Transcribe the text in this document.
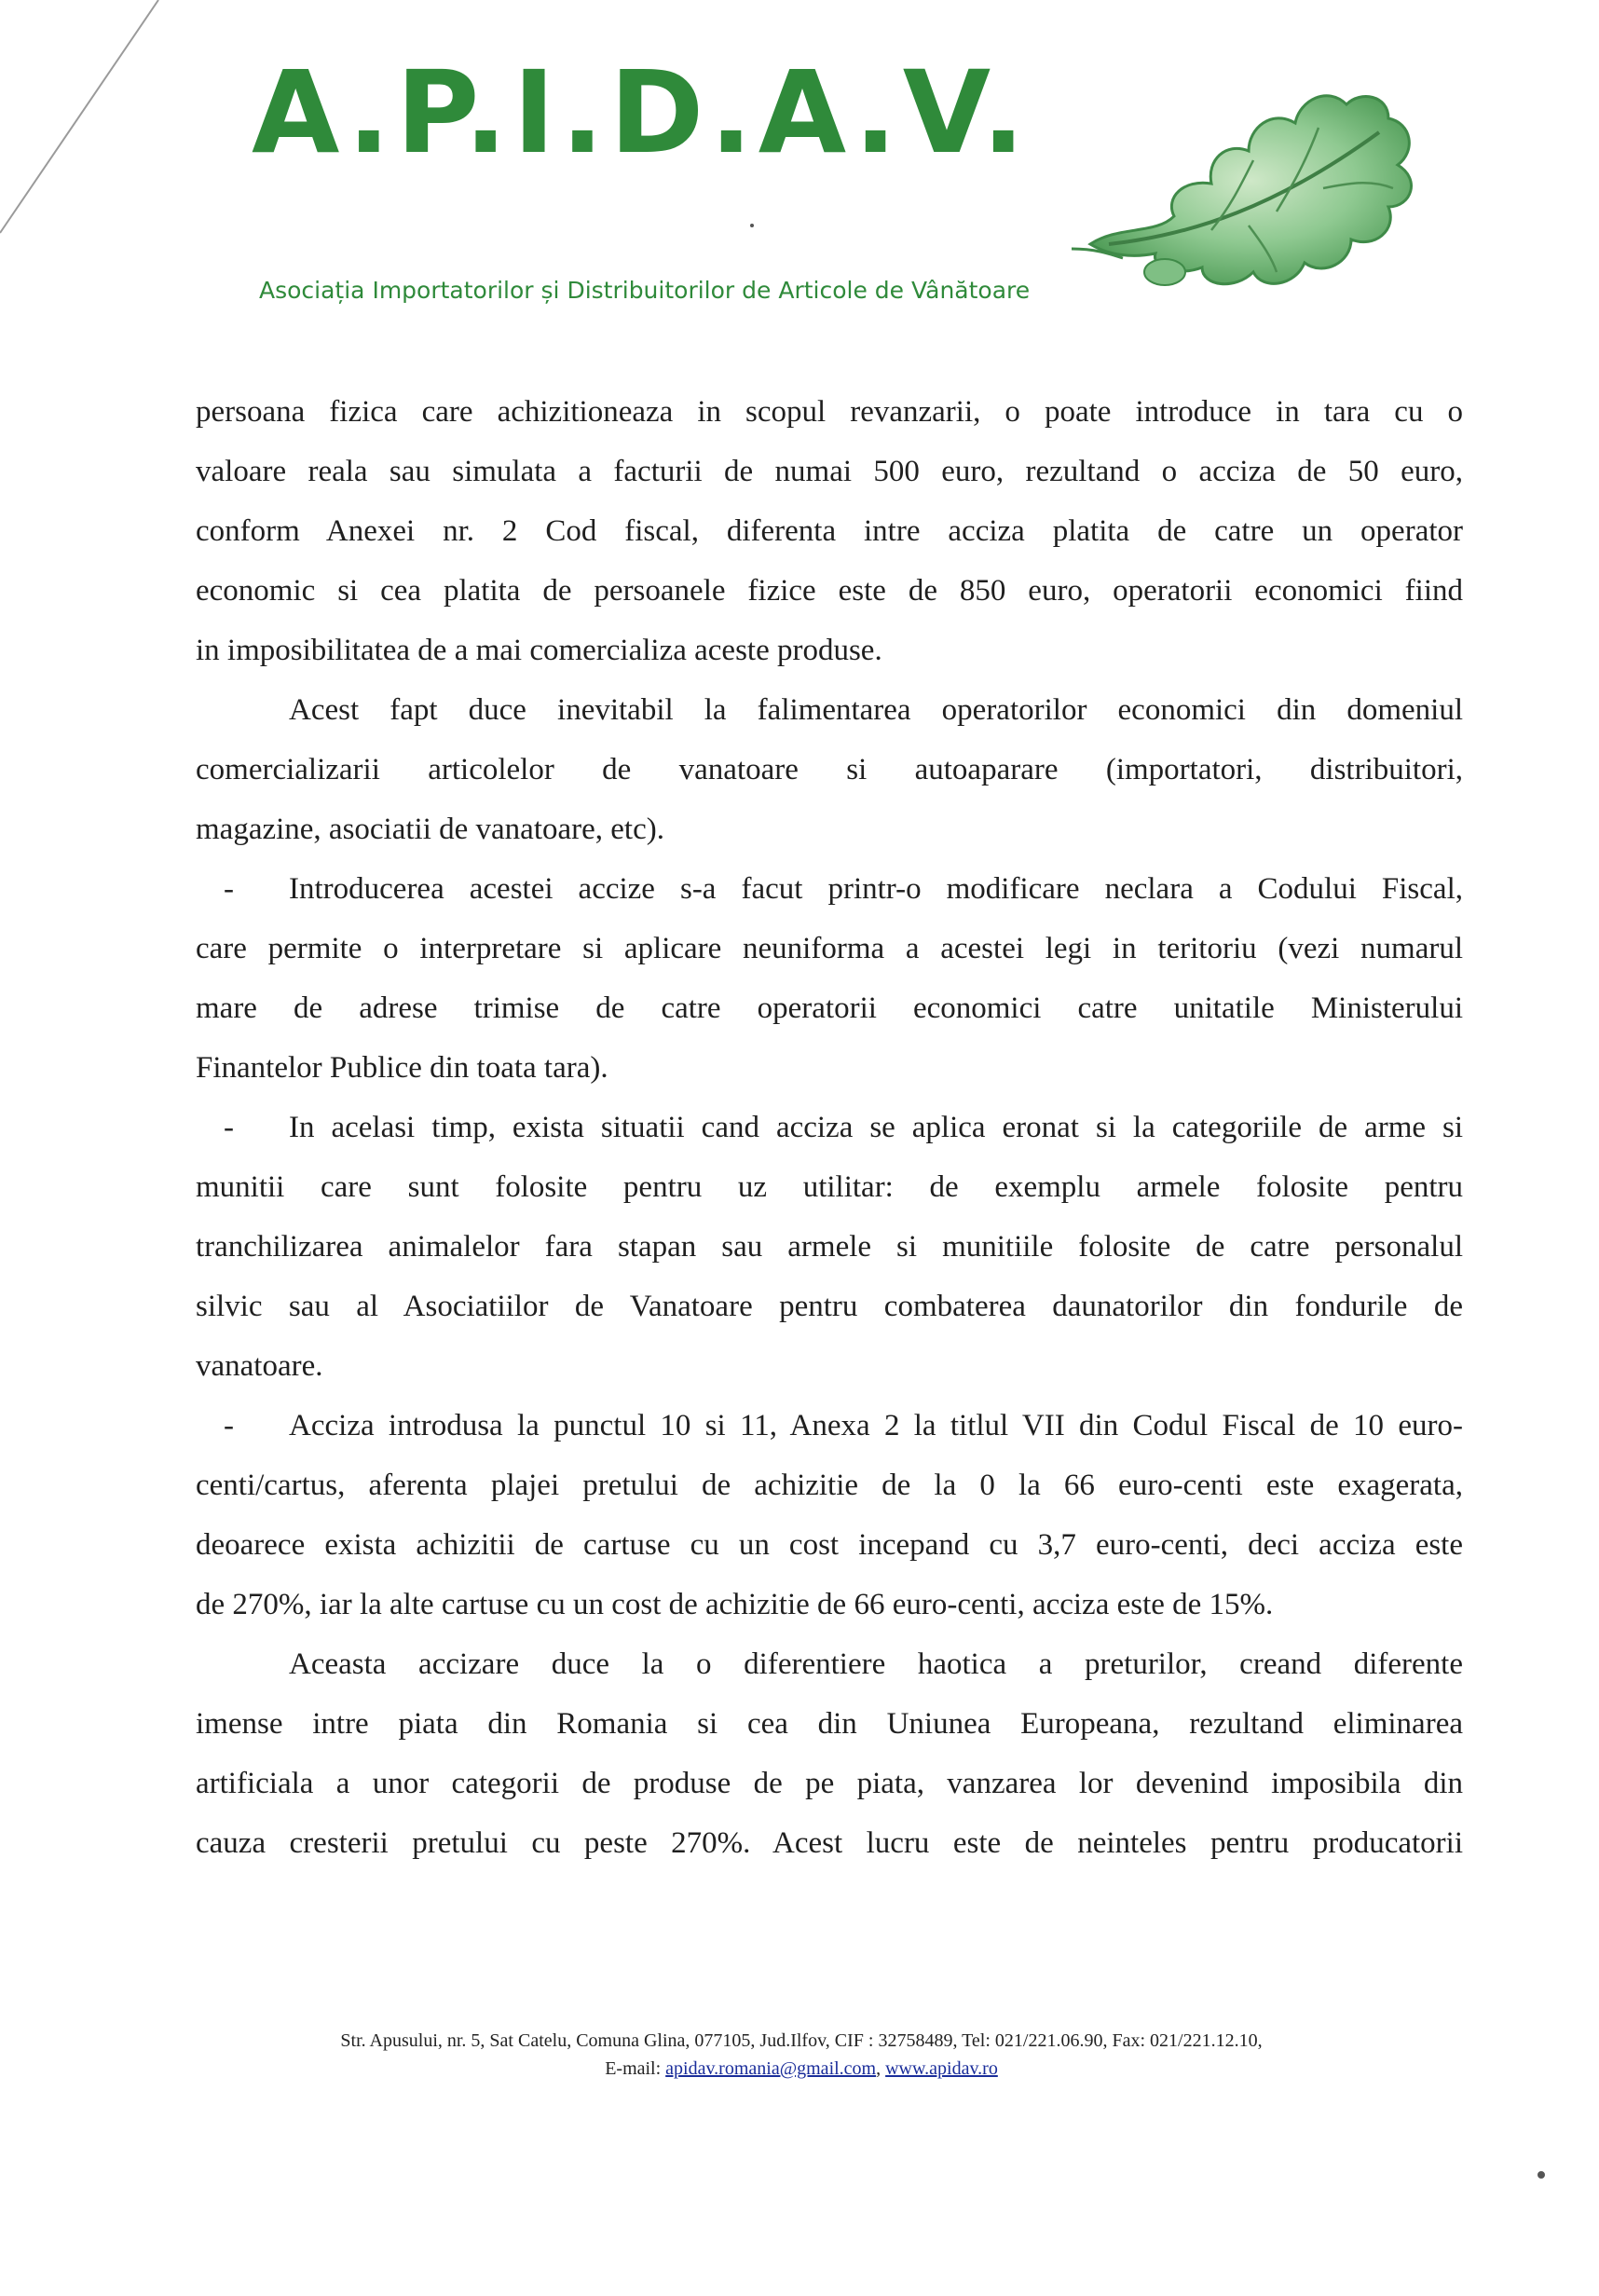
A.P.I.D.A.V.
Asociația Importatorilor și Distribuitorilor de Articole de Vânătoare
persoana fizica care achizitioneaza in scopul revanzarii, o poate introduce in tara cu o
valoare reala sau simulata a facturii de numai 500 euro, rezultand o acciza de 50 euro,
conform Anexei nr. 2 Cod fiscal, diferenta intre acciza platita de catre un operator
economic si cea platita de persoanele fizice este de 850 euro, operatorii economici fiind
in imposibilitatea de a mai comercializa aceste produse.
Acest fapt duce inevitabil la falimentarea operatorilor economici din domeniul
comercializarii articolelor de vanatoare si autoaparare (importatori, distribuitori,
magazine, asociatii de vanatoare, etc).
- Introducerea acestei accize s-a facut printr-o modificare neclara a Codului Fiscal,
care permite o interpretare si aplicare neuniforma a acestei legi in teritoriu (vezi numarul
mare de adrese trimise de catre operatorii economici catre unitatile Ministerului
Finantelor Publice din toata tara).
- In acelasi timp, exista situatii cand acciza se aplica eronat si la categoriile de arme si
munitii care sunt folosite pentru uz utilitar: de exemplu armele folosite pentru
tranchilizarea animalelor fara stapan sau armele si munitiile folosite de catre personalul
silvic sau al Asociatiilor de Vanatoare pentru combaterea daunatorilor din fondurile de
vanatoare.
- Acciza introdusa la punctul 10 si 11, Anexa 2 la titlul VII din Codul Fiscal de 10 euro-
centi/cartus, aferenta plajei pretului de achizitie de la 0 la 66 euro-centi este exagerata,
deoarece exista achizitii de cartuse cu un cost incepand cu 3,7 euro-centi, deci acciza este
de 270%, iar la alte cartuse cu un cost de achizitie de 66 euro-centi, acciza este de 15%.
Aceasta accizare duce la o diferentiere haotica a preturilor, creand diferente
imense intre piata din Romania si cea din Uniunea Europeana, rezultand eliminarea
artificiala a unor categorii de produse de pe piata, vanzarea lor devenind imposibila din
cauza cresterii pretului cu peste 270%. Acest lucru este de neinteles pentru producatorii
Str. Apusului, nr. 5, Sat Catelu, Comuna Glina, 077105, Jud.Ilfov, CIF : 32758489, Tel: 021/221.06.90, Fax: 021/221.12.10,
E-mail: apidav.romania@gmail.com, www.apidav.ro
